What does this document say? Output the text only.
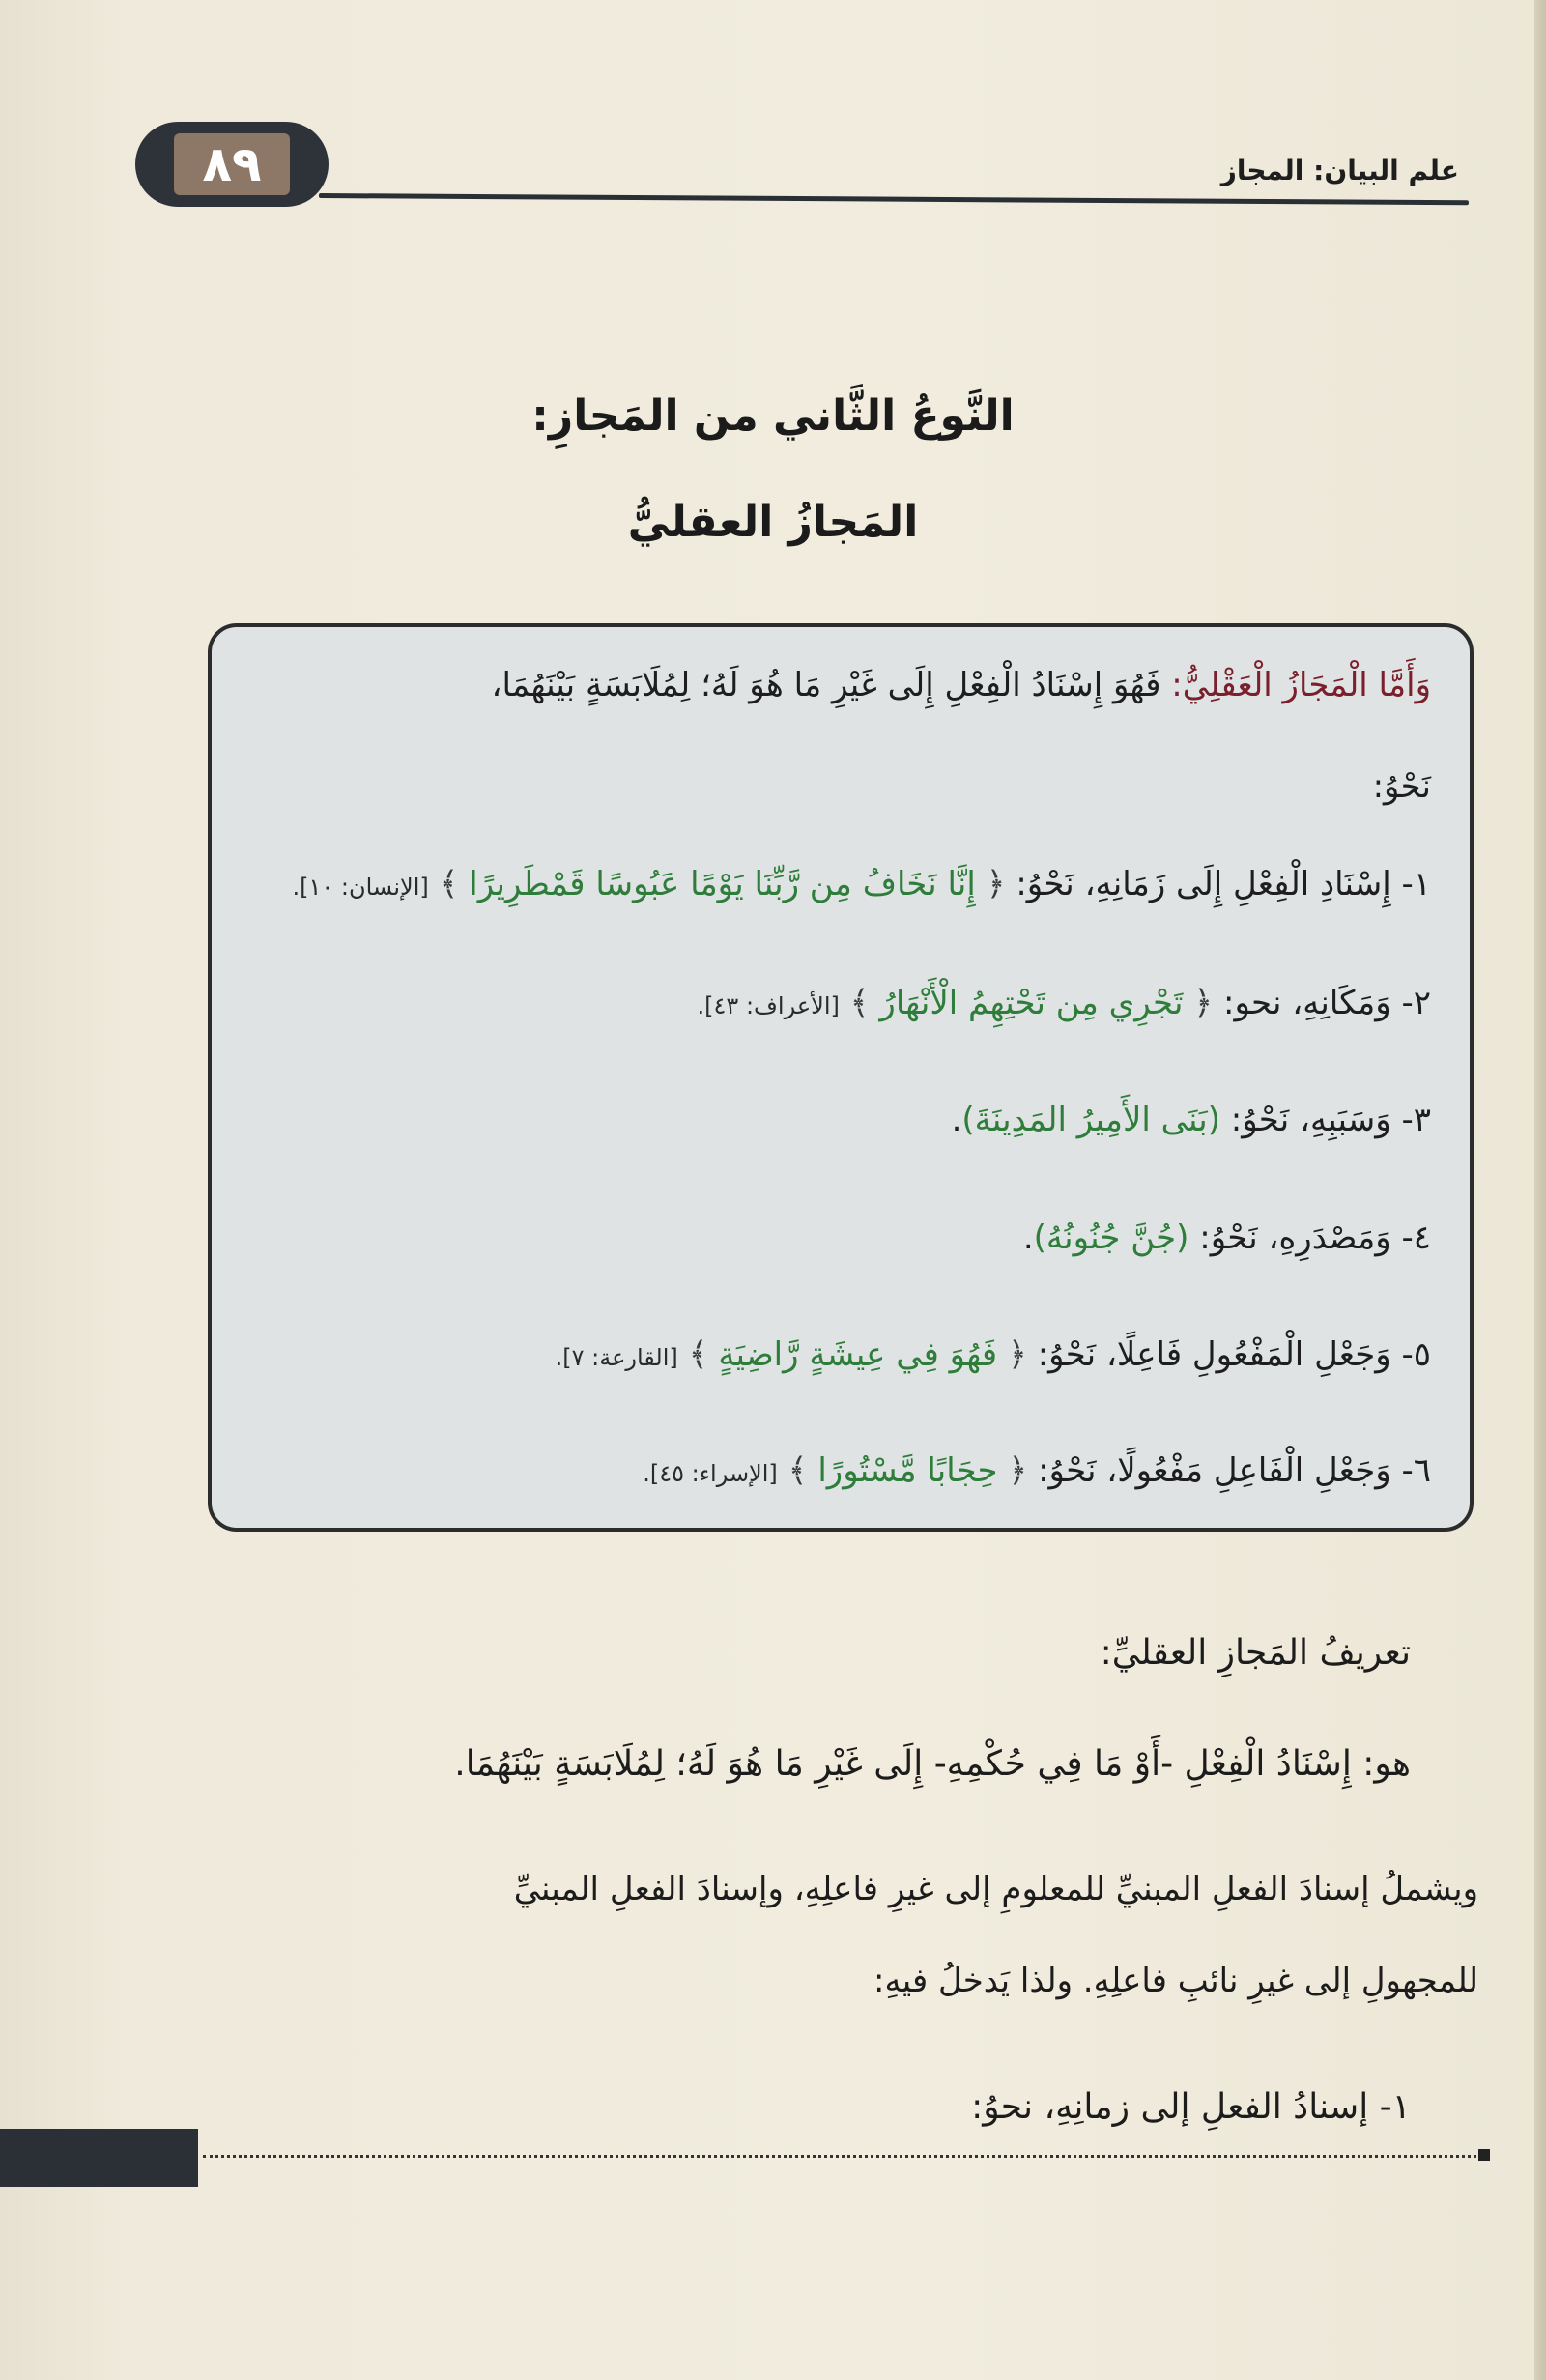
٨٩	علم البيان: المجاز
النَّوعُ الثَّاني من المَجازِ:
المَجازُ العقليُّ
وَأَمَّا الْمَجَازُ الْعَقْلِيُّ: فَهُوَ إِسْنَادُ الْفِعْلِ إِلَى غَيْرِ مَا هُوَ لَهُ؛ لِمُلَابَسَةٍ بَيْنَهُمَا،
نَحْوُ:
١- إِسْنَادِ الْفِعْلِ إِلَى زَمَانِهِ، نَحْوُ: ﴿ إِنَّا نَخَافُ مِن رَّبِّنَا يَوْمًا عَبُوسًا قَمْطَرِيرًا ﴾ [الإنسان: ١٠].
٢- وَمَكَانِهِ، نحو: ﴿ تَجْرِي مِن تَحْتِهِمُ الْأَنْهَارُ ﴾ [الأعراف: ٤٣].
٣- وَسَبَبِهِ، نَحْوُ: (بَنَى الأَمِيرُ المَدِينَةَ).
٤- وَمَصْدَرِهِ، نَحْوُ: (جُنَّ جُنُونُهُ).
٥- وَجَعْلِ الْمَفْعُولِ فَاعِلًا، نَحْوُ: ﴿ فَهُوَ فِي عِيشَةٍ رَّاضِيَةٍ ﴾ [القارعة: ٧].
٦- وَجَعْلِ الْفَاعِلِ مَفْعُولًا، نَحْوُ: ﴿ حِجَابًا مَّسْتُورًا ﴾ [الإسراء: ٤٥].
تعريفُ المَجازِ العقليِّ:
هو: إِسْنَادُ الْفِعْلِ -أَوْ مَا فِي حُكْمِهِ- إِلَى غَيْرِ مَا هُوَ لَهُ؛ لِمُلَابَسَةٍ بَيْنَهُمَا.
ويشملُ إسنادَ الفعلِ المبنيِّ للمعلومِ إلى غيرِ فاعلِهِ، وإسنادَ الفعلِ المبنيِّ
للمجهولِ إلى غيرِ نائبِ فاعلِهِ. ولذا يَدخلُ فيهِ:
١- إسنادُ الفعلِ إلى زمانِهِ، نحوُ:
